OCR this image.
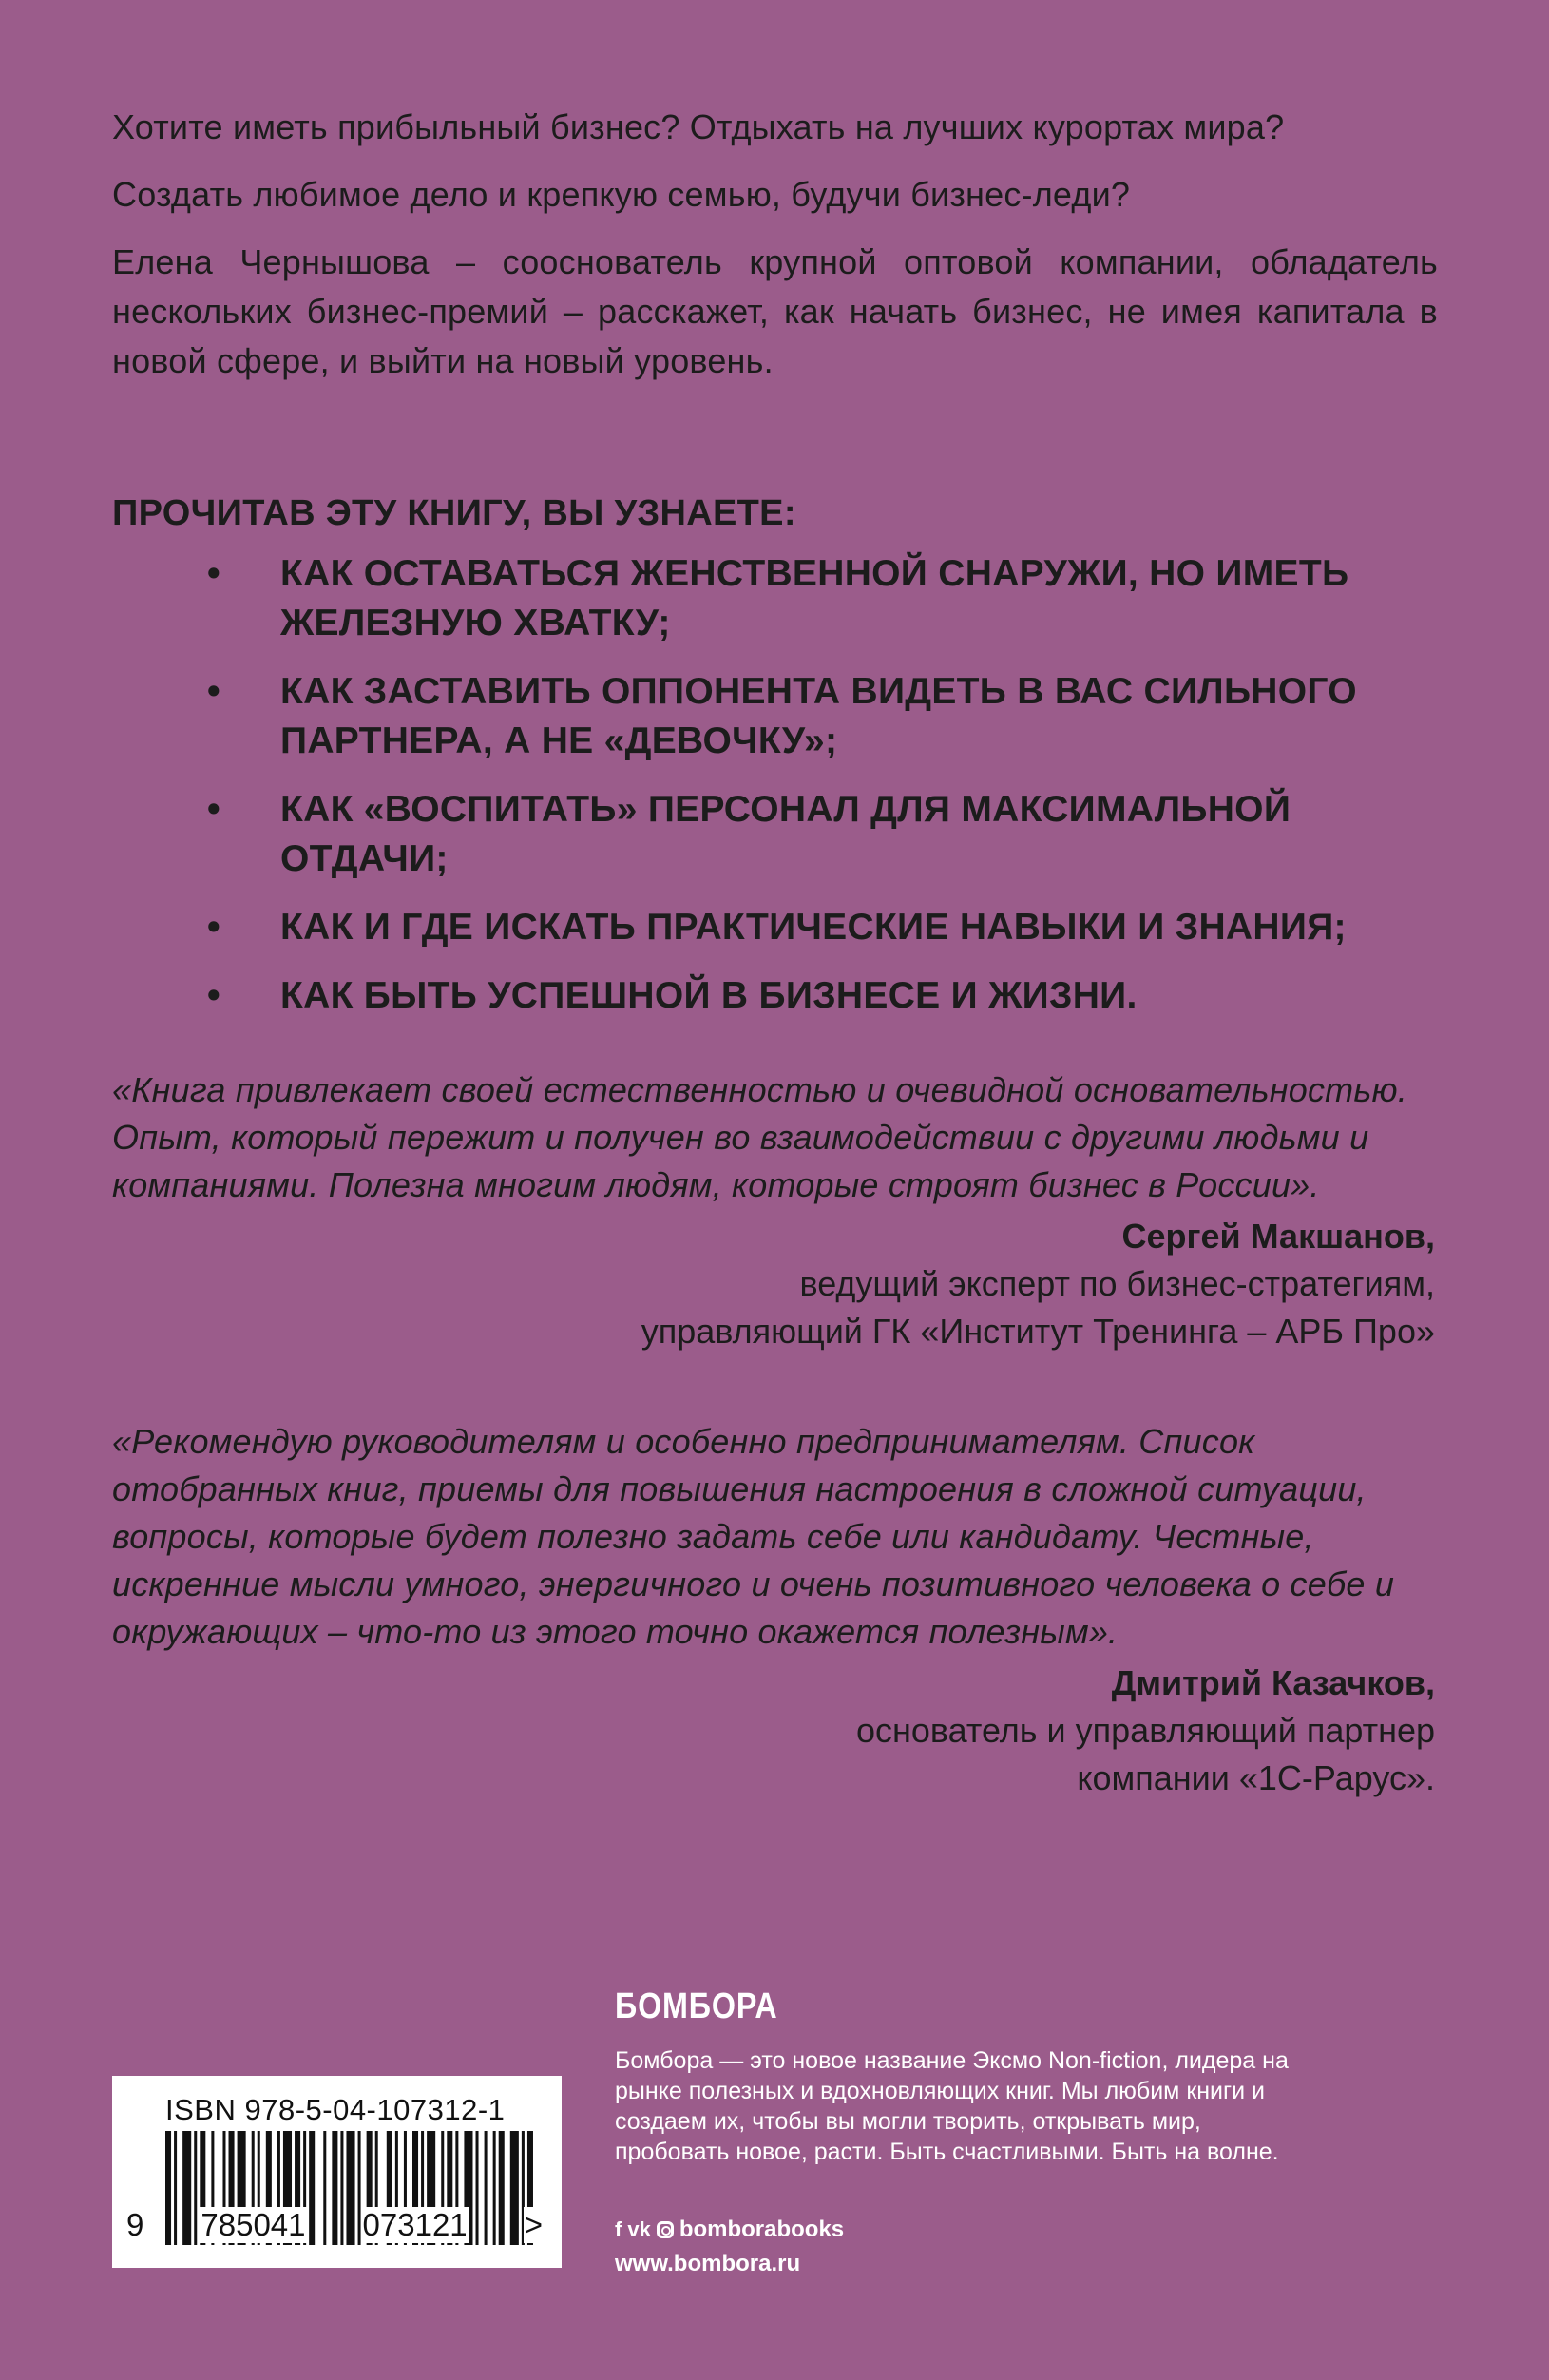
Хотите иметь прибыльный бизнес? Отдыхать на лучших курортах мира?

Создать любимое дело и крепкую семью, будучи бизнес-леди?

Елена Чернышова – сооснователь крупной оптовой компании, обладатель нескольких бизнес-премий – расскажет, как начать бизнес, не имея капитала в новой сфере, и выйти на новый уровень.

ПРОЧИТАВ ЭТУ КНИГУ, ВЫ УЗНАЕТЕ:
• КАК ОСТАВАТЬСЯ ЖЕНСТВЕННОЙ СНАРУЖИ, НО ИМЕТЬ ЖЕЛЕЗНУЮ ХВАТКУ;
• КАК ЗАСТАВИТЬ ОППОНЕНТА ВИДЕТЬ В ВАС СИЛЬНОГО ПАРТНЕРА, А НЕ «ДЕВОЧКУ»;
• КАК «ВОСПИТАТЬ» ПЕРСОНАЛ ДЛЯ МАКСИМАЛЬНОЙ ОТДАЧИ;
• КАК И ГДЕ ИСКАТЬ ПРАКТИЧЕСКИЕ НАВЫКИ И ЗНАНИЯ;
• КАК БЫТЬ УСПЕШНОЙ В БИЗНЕСЕ И ЖИЗНИ.

«Книга привлекает своей естественностью и очевидной основательностью. Опыт, который пережит и получен во взаимодействии с другими людьми и компаниями. Полезна многим людям, которые строят бизнес в России».

Сергей Макшанов,
ведущий эксперт по бизнес-стратегиям,
управляющий ГК «Институт Тренинга – АРБ Про»

«Рекомендую руководителям и особенно предпринимателям. Список отобранных книг, приемы для повышения настроения в сложной ситуации, вопросы, которые будет полезно задать себе или кандидату. Честные, искренние мысли умного, энергичного и очень позитивного человека о себе и окружающих – что-то из этого точно окажется полезным».

Дмитрий Казачков,
основатель и управляющий партнер
компании «1С-Рарус».
БОМБОРА
Бомбора — это новое название Эксмо Non-fiction, лидера на рынке полезных и вдохновляющих книг. Мы любим книги и создаем их, чтобы вы могли творить, открывать мир, пробовать новое, расти. Быть счастливыми. Быть на волне.
f vk bomborabooks
www.bombora.ru
ISBN 978-5-04-107312-1
9 785041 073121 >
